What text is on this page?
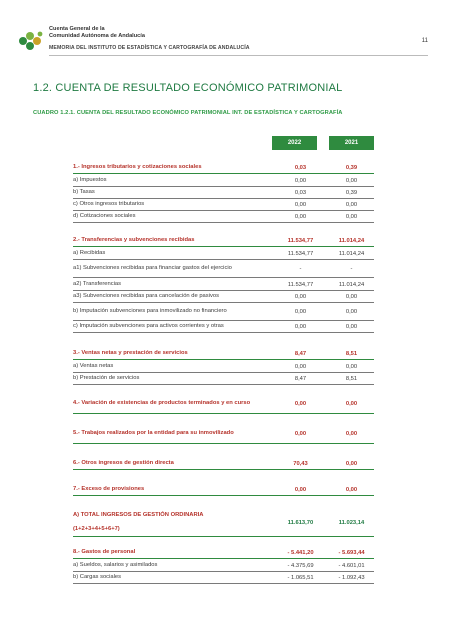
Cuenta General de la
Comunidad Autónoma de Andalucía
MEMORIA DEL INSTITUTO DE ESTADÍSTICA Y CARTOGRAFÍA DE ANDALUCÍA
11
1.2. CUENTA DE RESULTADO ECONÓMICO PATRIMONIAL
CUADRO 1.2.1. CUENTA DEL RESULTADO ECONÓMICO PATRIMONIAL INT. DE ESTADÍSTICA Y CARTOGRAFÍA
2022	2021
1.- Ingresos tributarios y cotizaciones sociales	0,03	0,39
a) Impuestos	0,00	0,00
b) Tasas	0,03	0,39
c) Otros ingresos tributarios	0,00	0,00
d) Cotizaciones sociales	0,00	0,00
2.- Transferencias y subvenciones recibidas	11.534,77	11.014,24
a) Recibidas	11.534,77	11.014,24
a1) Subvenciones recibidas para financiar gastos del ejercicio	-	-
a2) Transferencias	11.534,77	11.014,24
a3) Subvenciones recibidas para cancelación de pasivos	0,00	0,00
b) Imputación subvenciones para inmovilizado no financiero	0,00	0,00
c) Imputación subvenciones para activos corrientes y otras	0,00	0,00
3.- Ventas netas y prestación de servicios	8,47	8,51
a) Ventas netas	0,00	0,00
b) Prestación de servicios	8,47	8,51
4.- Variación de existencias de productos terminados y en curso	0,00	0,00
5.- Trabajos realizados por la entidad para su inmovilizado	0,00	0,00
6.- Otros ingresos de gestión directa	70,43	0,00
7.- Exceso de provisiones	0,00	0,00
A) TOTAL INGRESOS DE GESTIÓN ORDINARIA
(1+2+3+4+5+6+7)
11.613,70	11.023,14
8.- Gastos de personal	- 5.441,20	- 5.693,44
a) Sueldos, salarios y asimilados	- 4.375,69	- 4.601,01
b) Cargas sociales	- 1.065,51	- 1.092,43
